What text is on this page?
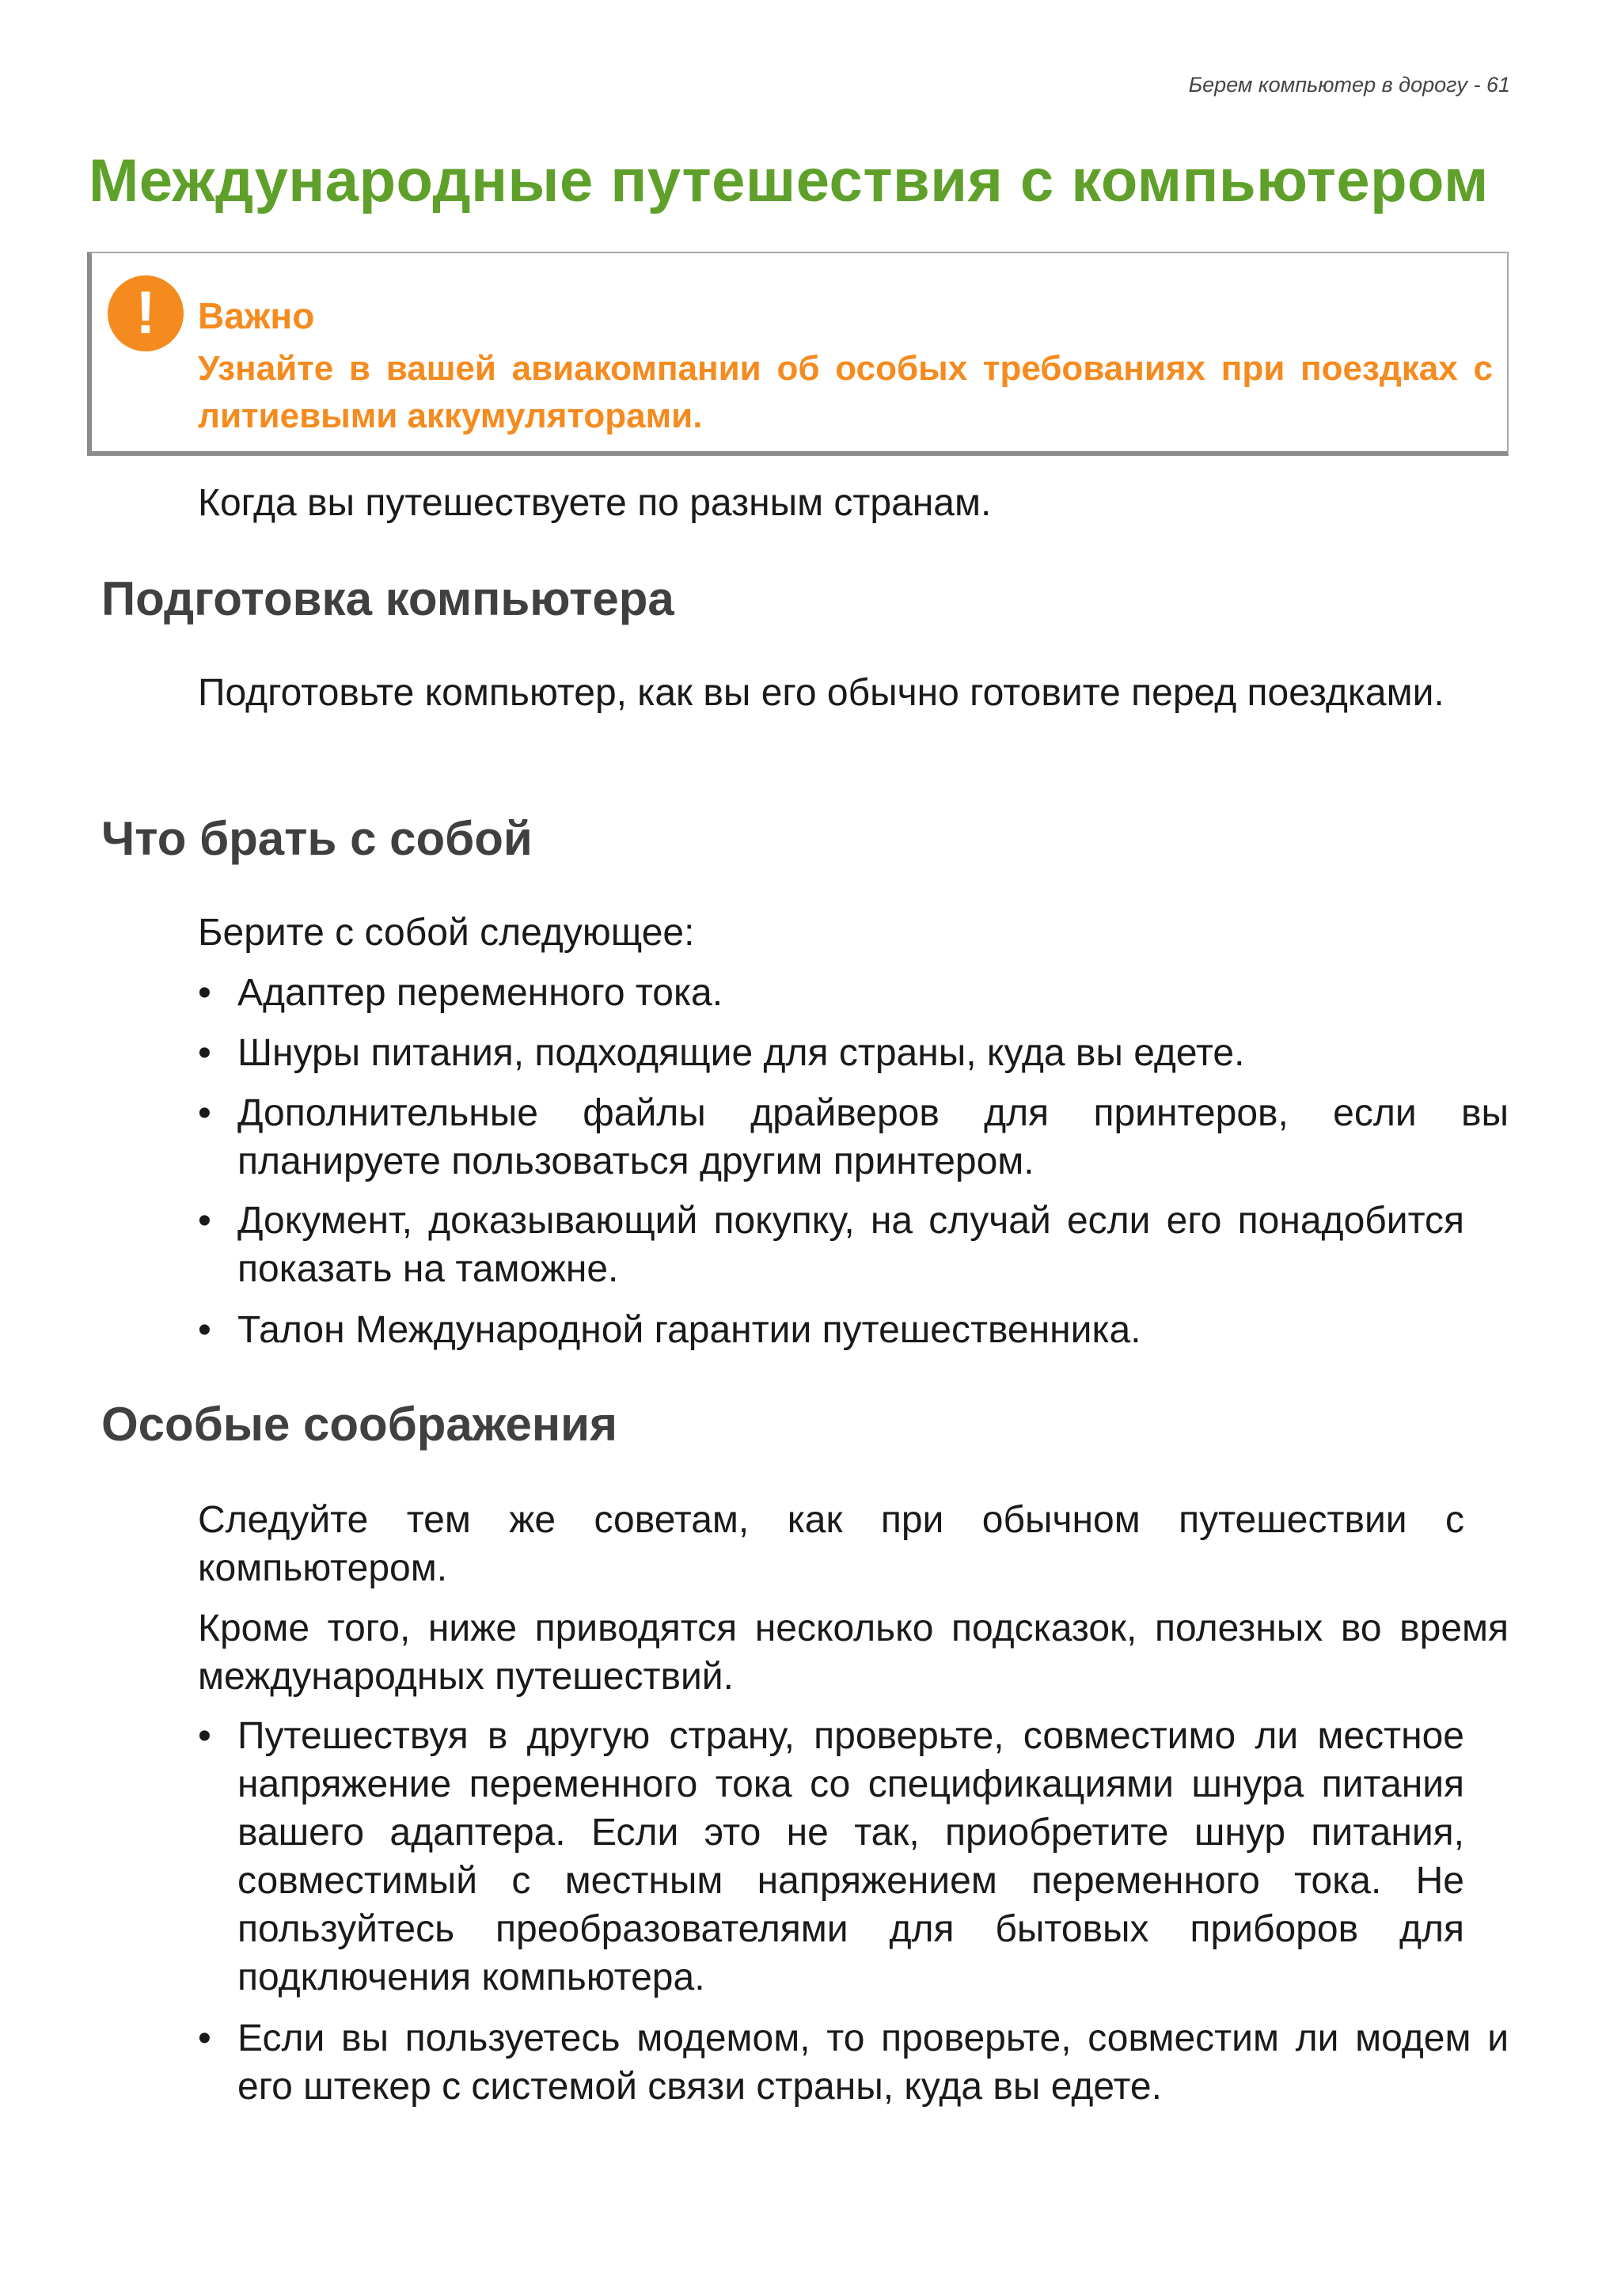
Берем компьютер в дорогу - 61
Международные путешествия с компьютером
!	Важно
Узнайте в вашей авиакомпании об особых требованиях при поездках с литиевыми аккумуляторами.

Когда вы путешествуете по разным странам.

Подготовка компьютера

Подготовьте компьютер, как вы его обычно готовите перед поездками.

Что брать с собой

Берите с собой следующее:

• Адаптер переменного тока.
• Шнуры питания, подходящие для страны, куда вы едете.
• Дополнительные файлы драйверов для принтеров, если вы планируете пользоваться другим принтером.
• Документ, доказывающий покупку, на случай если его понадобится показать на таможне.
• Талон Международной гарантии путешественника.
Особые соображения

Следуйте тем же советам, как при обычном путешествии с компьютером.

Кроме того, ниже приводятся несколько подсказок, полезных во время международных путешествий.

• Путешествуя в другую страну, проверьте, совместимо ли местное напряжение переменного тока со спецификациями шнура питания вашего адаптера. Если это не так, приобретите шнур питания, совместимый с местным напряжением переменного тока. Не пользуйтесь преобразователями для бытовых приборов для подключения компьютера.
• Если вы пользуетесь модемом, то проверьте, совместим ли модем и его штекер с системой связи страны, куда вы едете.
